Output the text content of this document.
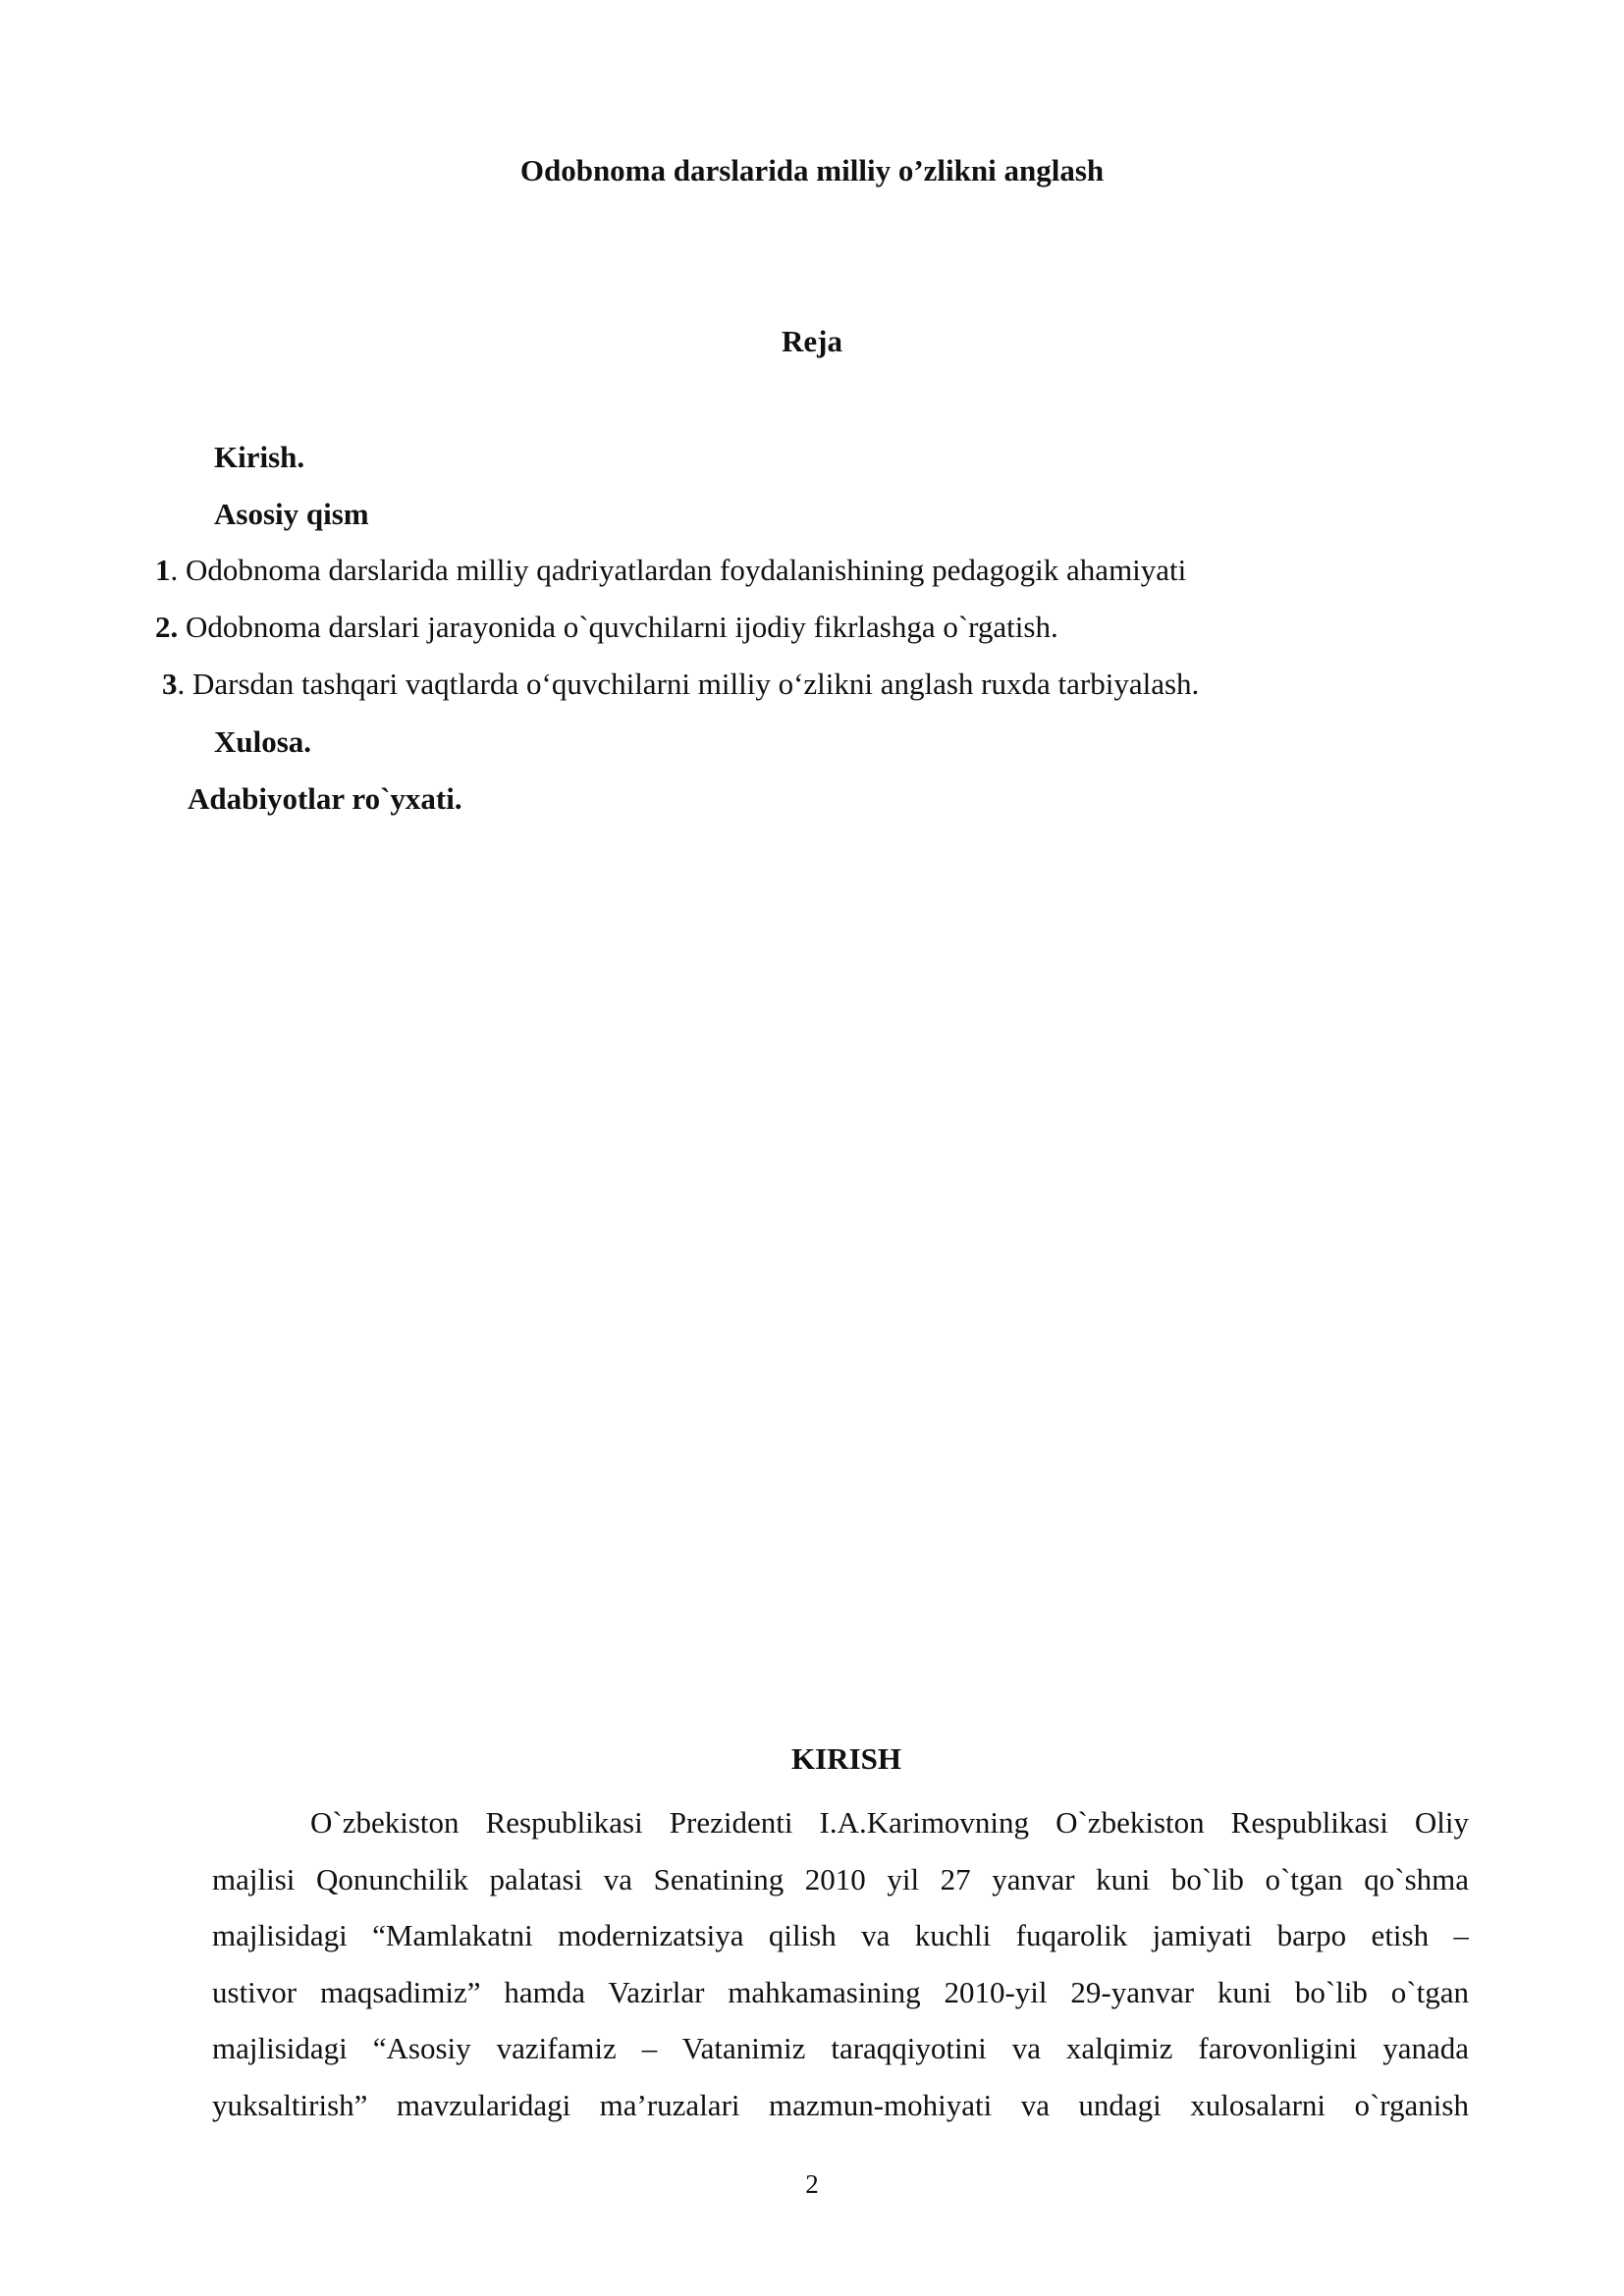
Odobnoma darslarida milliy o’zlikni anglash
Reja
Kirish.
Asosiy qism
1. Odobnoma darslarida milliy qadriyatlardan foydalanishining pedagogik ahamiyati
2. Odobnoma darslari jarayonida o`quvchilarni ijodiy fikrlashga o`rgatish.
3. Darsdan tashqari vaqtlarda o‘quvchilarni milliy o‘zlikni anglash ruxda tarbiyalash.
Xulosa.
Adabiyotlar ro`yxati.
KIRISH
O`zbekiston Respublikasi Prezidenti I.A.Karimovning O`zbekiston Respublikasi Oliy
majlisi Qonunchilik palatasi va Senatining 2010 yil 27 yanvar kuni bo`lib o`tgan qo`shma
majlisidagi “Mamlakatni modernizatsiya qilish va kuchli fuqarolik jamiyati barpo etish –
ustivor maqsadimiz” hamda Vazirlar mahkamasining 2010-yil 29-yanvar kuni bo`lib o`tgan
majlisidagi “Asosiy vazifamiz – Vatanimiz taraqqiyotini va xalqimiz farovonligini yanada
yuksaltirish” mavzularidagi ma’ruzalari mazmun-mohiyati va undagi xulosalarni o`rganish
2
